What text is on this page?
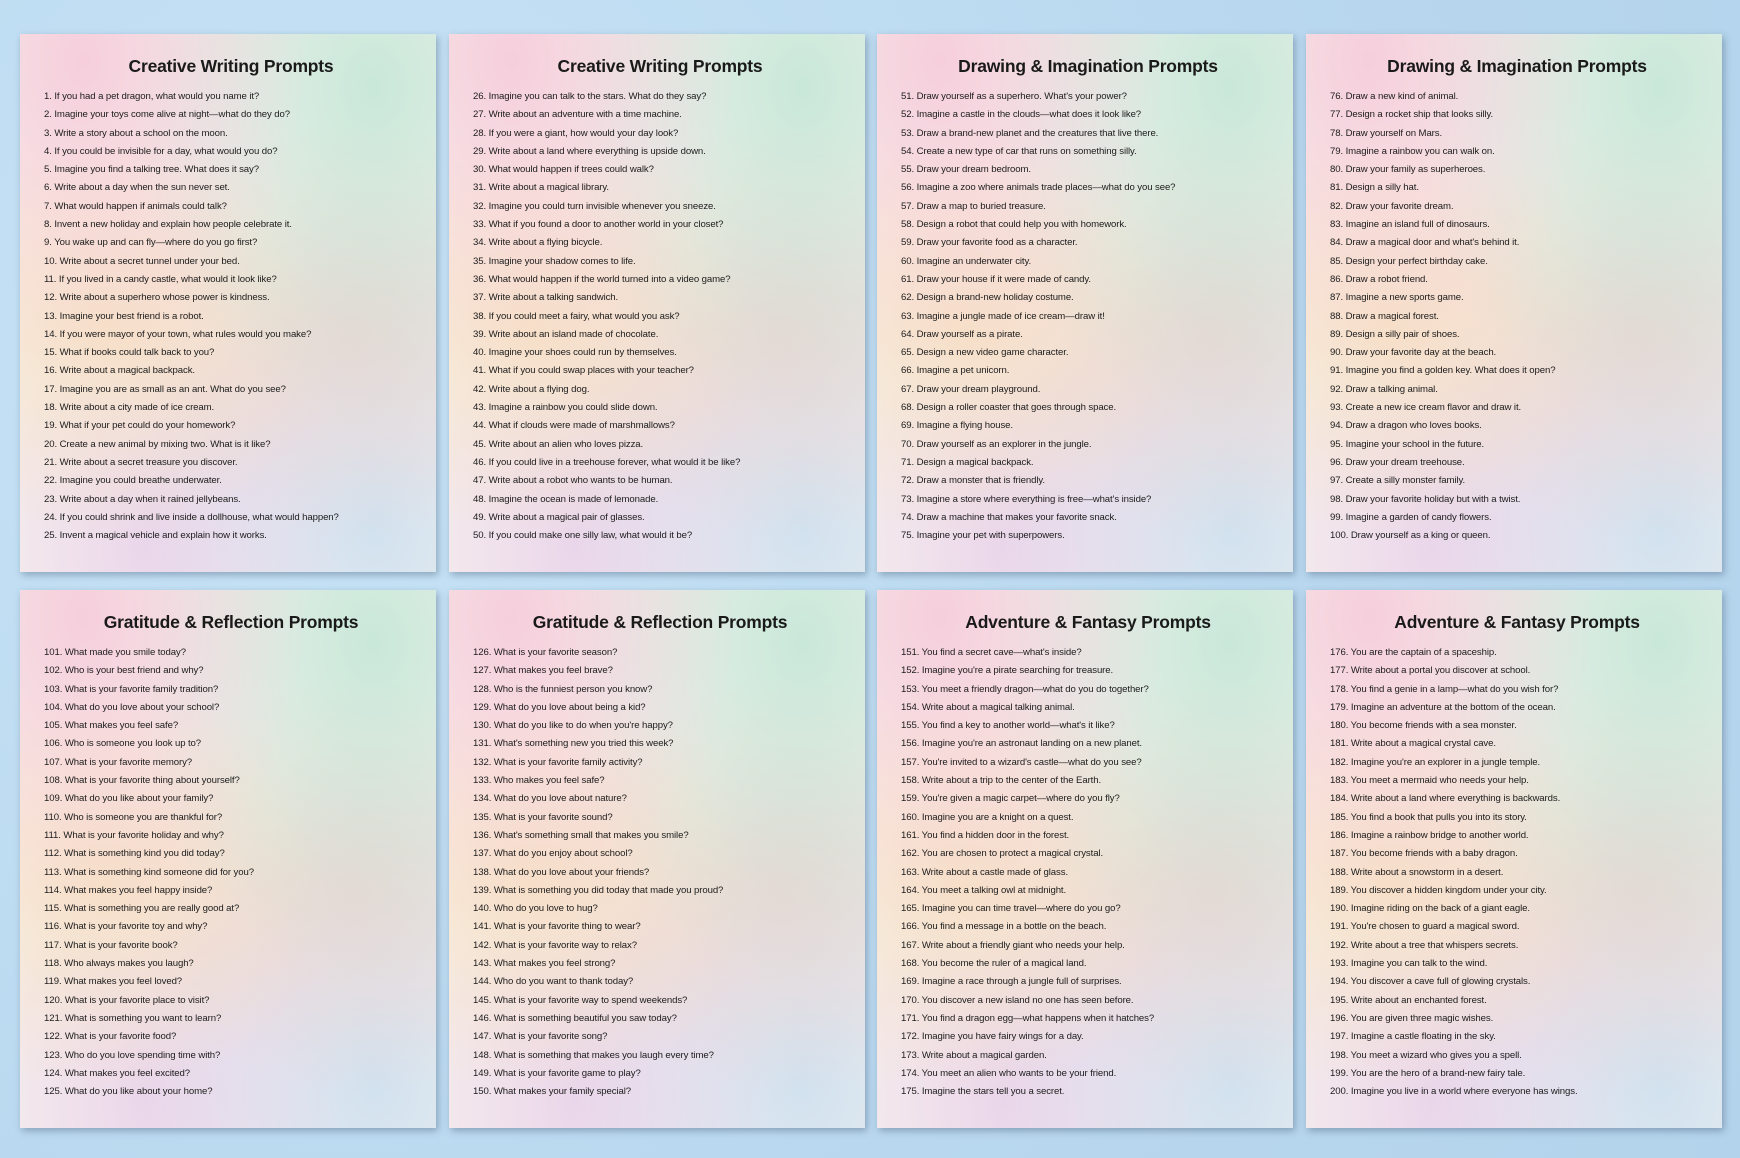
Creative Writing Prompts
1. If you had a pet dragon, what would you name it?
2. Imagine your toys come alive at night—what do they do?
3. Write a story about a school on the moon.
4. If you could be invisible for a day, what would you do?
5. Imagine you find a talking tree. What does it say?
6. Write about a day when the sun never set.
7. What would happen if animals could talk?
8. Invent a new holiday and explain how people celebrate it.
9. You wake up and can fly—where do you go first?
10. Write about a secret tunnel under your bed.
11. If you lived in a candy castle, what would it look like?
12. Write about a superhero whose power is kindness.
13. Imagine your best friend is a robot.
14. If you were mayor of your town, what rules would you make?
15. What if books could talk back to you?
16. Write about a magical backpack.
17. Imagine you are as small as an ant. What do you see?
18. Write about a city made of ice cream.
19. What if your pet could do your homework?
20. Create a new animal by mixing two. What is it like?
21. Write about a secret treasure you discover.
22. Imagine you could breathe underwater.
23. Write about a day when it rained jellybeans.
24. If you could shrink and live inside a dollhouse, what would happen?
25. Invent a magical vehicle and explain how it works.
Creative Writing Prompts
26. Imagine you can talk to the stars. What do they say?
27. Write about an adventure with a time machine.
28. If you were a giant, how would your day look?
29. Write about a land where everything is upside down.
30. What would happen if trees could walk?
31. Write about a magical library.
32. Imagine you could turn invisible whenever you sneeze.
33. What if you found a door to another world in your closet?
34. Write about a flying bicycle.
35. Imagine your shadow comes to life.
36. What would happen if the world turned into a video game?
37. Write about a talking sandwich.
38. If you could meet a fairy, what would you ask?
39. Write about an island made of chocolate.
40. Imagine your shoes could run by themselves.
41. What if you could swap places with your teacher?
42. Write about a flying dog.
43. Imagine a rainbow you could slide down.
44. What if clouds were made of marshmallows?
45. Write about an alien who loves pizza.
46. If you could live in a treehouse forever, what would it be like?
47. Write about a robot who wants to be human.
48. Imagine the ocean is made of lemonade.
49. Write about a magical pair of glasses.
50. If you could make one silly law, what would it be?
Drawing & Imagination Prompts
51. Draw yourself as a superhero. What's your power?
52. Imagine a castle in the clouds—what does it look like?
53. Draw a brand-new planet and the creatures that live there.
54. Create a new type of car that runs on something silly.
55. Draw your dream bedroom.
56. Imagine a zoo where animals trade places—what do you see?
57. Draw a map to buried treasure.
58. Design a robot that could help you with homework.
59. Draw your favorite food as a character.
60. Imagine an underwater city.
61. Draw your house if it were made of candy.
62. Design a brand-new holiday costume.
63. Imagine a jungle made of ice cream—draw it!
64. Draw yourself as a pirate.
65. Design a new video game character.
66. Imagine a pet unicorn.
67. Draw your dream playground.
68. Design a roller coaster that goes through space.
69. Imagine a flying house.
70. Draw yourself as an explorer in the jungle.
71. Design a magical backpack.
72. Draw a monster that is friendly.
73. Imagine a store where everything is free—what's inside?
74. Draw a machine that makes your favorite snack.
75. Imagine your pet with superpowers.
Drawing & Imagination Prompts
76. Draw a new kind of animal.
77. Design a rocket ship that looks silly.
78. Draw yourself on Mars.
79. Imagine a rainbow you can walk on.
80. Draw your family as superheroes.
81. Design a silly hat.
82. Draw your favorite dream.
83. Imagine an island full of dinosaurs.
84. Draw a magical door and what's behind it.
85. Design your perfect birthday cake.
86. Draw a robot friend.
87. Imagine a new sports game.
88. Draw a magical forest.
89. Design a silly pair of shoes.
90. Draw your favorite day at the beach.
91. Imagine you find a golden key. What does it open?
92. Draw a talking animal.
93. Create a new ice cream flavor and draw it.
94. Draw a dragon who loves books.
95. Imagine your school in the future.
96. Draw your dream treehouse.
97. Create a silly monster family.
98. Draw your favorite holiday but with a twist.
99. Imagine a garden of candy flowers.
100. Draw yourself as a king or queen.
Gratitude & Reflection Prompts
101. What made you smile today?
102. Who is your best friend and why?
103. What is your favorite family tradition?
104. What do you love about your school?
105. What makes you feel safe?
106. Who is someone you look up to?
107. What is your favorite memory?
108. What is your favorite thing about yourself?
109. What do you like about your family?
110. Who is someone you are thankful for?
111. What is your favorite holiday and why?
112. What is something kind you did today?
113. What is something kind someone did for you?
114. What makes you feel happy inside?
115. What is something you are really good at?
116. What is your favorite toy and why?
117. What is your favorite book?
118. Who always makes you laugh?
119. What makes you feel loved?
120. What is your favorite place to visit?
121. What is something you want to learn?
122. What is your favorite food?
123. Who do you love spending time with?
124. What makes you feel excited?
125. What do you like about your home?
Gratitude & Reflection Prompts
126. What is your favorite season?
127. What makes you feel brave?
128. Who is the funniest person you know?
129. What do you love about being a kid?
130. What do you like to do when you're happy?
131. What's something new you tried this week?
132. What is your favorite family activity?
133. Who makes you feel safe?
134. What do you love about nature?
135. What is your favorite sound?
136. What's something small that makes you smile?
137. What do you enjoy about school?
138. What do you love about your friends?
139. What is something you did today that made you proud?
140. Who do you love to hug?
141. What is your favorite thing to wear?
142. What is your favorite way to relax?
143. What makes you feel strong?
144. Who do you want to thank today?
145. What is your favorite way to spend weekends?
146. What is something beautiful you saw today?
147. What is your favorite song?
148. What is something that makes you laugh every time?
149. What is your favorite game to play?
150. What makes your family special?
Adventure & Fantasy Prompts
151. You find a secret cave—what's inside?
152. Imagine you're a pirate searching for treasure.
153. You meet a friendly dragon—what do you do together?
154. Write about a magical talking animal.
155. You find a key to another world—what's it like?
156. Imagine you're an astronaut landing on a new planet.
157. You're invited to a wizard's castle—what do you see?
158. Write about a trip to the center of the Earth.
159. You're given a magic carpet—where do you fly?
160. Imagine you are a knight on a quest.
161. You find a hidden door in the forest.
162. You are chosen to protect a magical crystal.
163. Write about a castle made of glass.
164. You meet a talking owl at midnight.
165. Imagine you can time travel—where do you go?
166. You find a message in a bottle on the beach.
167. Write about a friendly giant who needs your help.
168. You become the ruler of a magical land.
169. Imagine a race through a jungle full of surprises.
170. You discover a new island no one has seen before.
171. You find a dragon egg—what happens when it hatches?
172. Imagine you have fairy wings for a day.
173. Write about a magical garden.
174. You meet an alien who wants to be your friend.
175. Imagine the stars tell you a secret.
Adventure & Fantasy Prompts
176. You are the captain of a spaceship.
177. Write about a portal you discover at school.
178. You find a genie in a lamp—what do you wish for?
179. Imagine an adventure at the bottom of the ocean.
180. You become friends with a sea monster.
181. Write about a magical crystal cave.
182. Imagine you're an explorer in a jungle temple.
183. You meet a mermaid who needs your help.
184. Write about a land where everything is backwards.
185. You find a book that pulls you into its story.
186. Imagine a rainbow bridge to another world.
187. You become friends with a baby dragon.
188. Write about a snowstorm in a desert.
189. You discover a hidden kingdom under your city.
190. Imagine riding on the back of a giant eagle.
191. You're chosen to guard a magical sword.
192. Write about a tree that whispers secrets.
193. Imagine you can talk to the wind.
194. You discover a cave full of glowing crystals.
195. Write about an enchanted forest.
196. You are given three magic wishes.
197. Imagine a castle floating in the sky.
198. You meet a wizard who gives you a spell.
199. You are the hero of a brand-new fairy tale.
200. Imagine you live in a world where everyone has wings.
